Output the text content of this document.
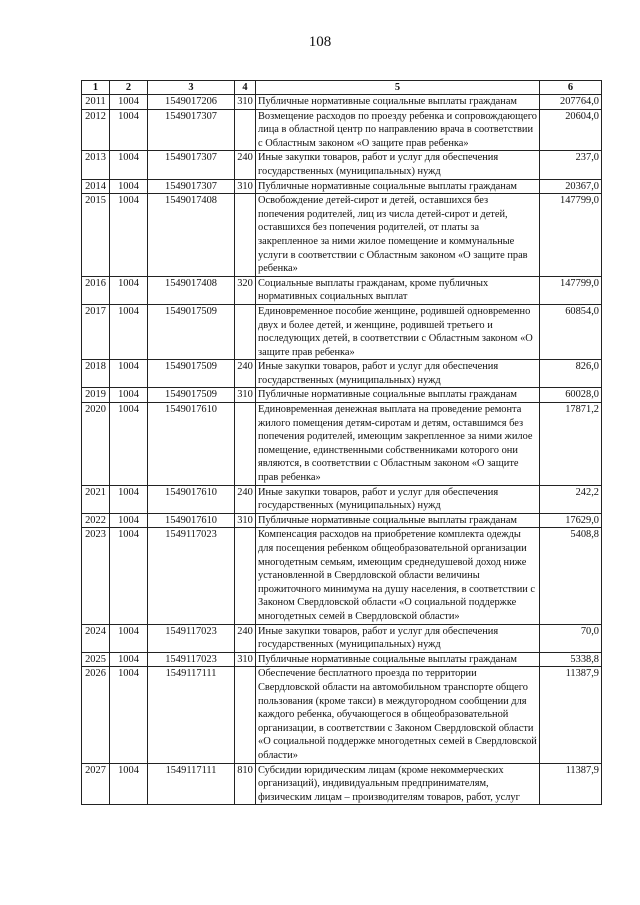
108
1	2	3	4	5	6
2011	1004	1549017206	310	Публичные нормативные социальные выплаты гражданам	207764,0
2012	1004	1549017307		Возмещение расходов по проезду ребенка и сопровождающего лица в областной центр по направлению врача в соответствии с Областным законом «О защите прав ребенка»	20604,0
2013	1004	1549017307	240	Иные закупки товаров, работ и услуг для обеспечения государственных (муниципальных) нужд	237,0
2014	1004	1549017307	310	Публичные нормативные социальные выплаты гражданам	20367,0
2015	1004	1549017408		Освобождение детей-сирот и детей, оставшихся без попечения родителей, лиц из числа детей-сирот и детей, оставшихся без попечения родителей, от платы за закрепленное за ними жилое помещение и коммунальные услуги в соответствии с Областным законом «О защите прав ребенка»	147799,0
2016	1004	1549017408	320	Социальные выплаты гражданам, кроме публичных нормативных социальных выплат	147799,0
2017	1004	1549017509		Единовременное пособие женщине, родившей одновременно двух и более детей, и женщине, родившей третьего и последующих детей, в соответствии с Областным законом «О защите прав ребенка»	60854,0
2018	1004	1549017509	240	Иные закупки товаров, работ и услуг для обеспечения государственных (муниципальных) нужд	826,0
2019	1004	1549017509	310	Публичные нормативные социальные выплаты гражданам	60028,0
2020	1004	1549017610		Единовременная денежная выплата на проведение ремонта жилого помещения детям-сиротам и детям, оставшимся без попечения родителей, имеющим закрепленное за ними жилое помещение, единственными собственниками которого они являются, в соответствии с Областным законом «О защите прав ребенка»	17871,2
2021	1004	1549017610	240	Иные закупки товаров, работ и услуг для обеспечения государственных (муниципальных) нужд	242,2
2022	1004	1549017610	310	Публичные нормативные социальные выплаты гражданам	17629,0
2023	1004	1549117023		Компенсация расходов на приобретение комплекта одежды для посещения ребенком общеобразовательной организации многодетным семьям, имеющим среднедушевой доход ниже установленной в Свердловской области величины прожиточного минимума на душу населения, в соответствии с Законом Свердловской области «О социальной поддержке многодетных семей в Свердловской области»	5408,8
2024	1004	1549117023	240	Иные закупки товаров, работ и услуг для обеспечения государственных (муниципальных) нужд	70,0
2025	1004	1549117023	310	Публичные нормативные социальные выплаты гражданам	5338,8
2026	1004	1549117111		Обеспечение бесплатного проезда по территории Свердловской области на автомобильном транспорте общего пользования (кроме такси) в междугородном сообщении для каждого ребенка, обучающегося в общеобразовательной организации, в соответствии с Законом Свердловской области «О социальной поддержке многодетных семей в Свердловской области»	11387,9
2027	1004	1549117111	810	Субсидии юридическим лицам (кроме некоммерческих организаций), индивидуальным предпринимателям, физическим лицам – производителям товаров, работ, услуг	11387,9
